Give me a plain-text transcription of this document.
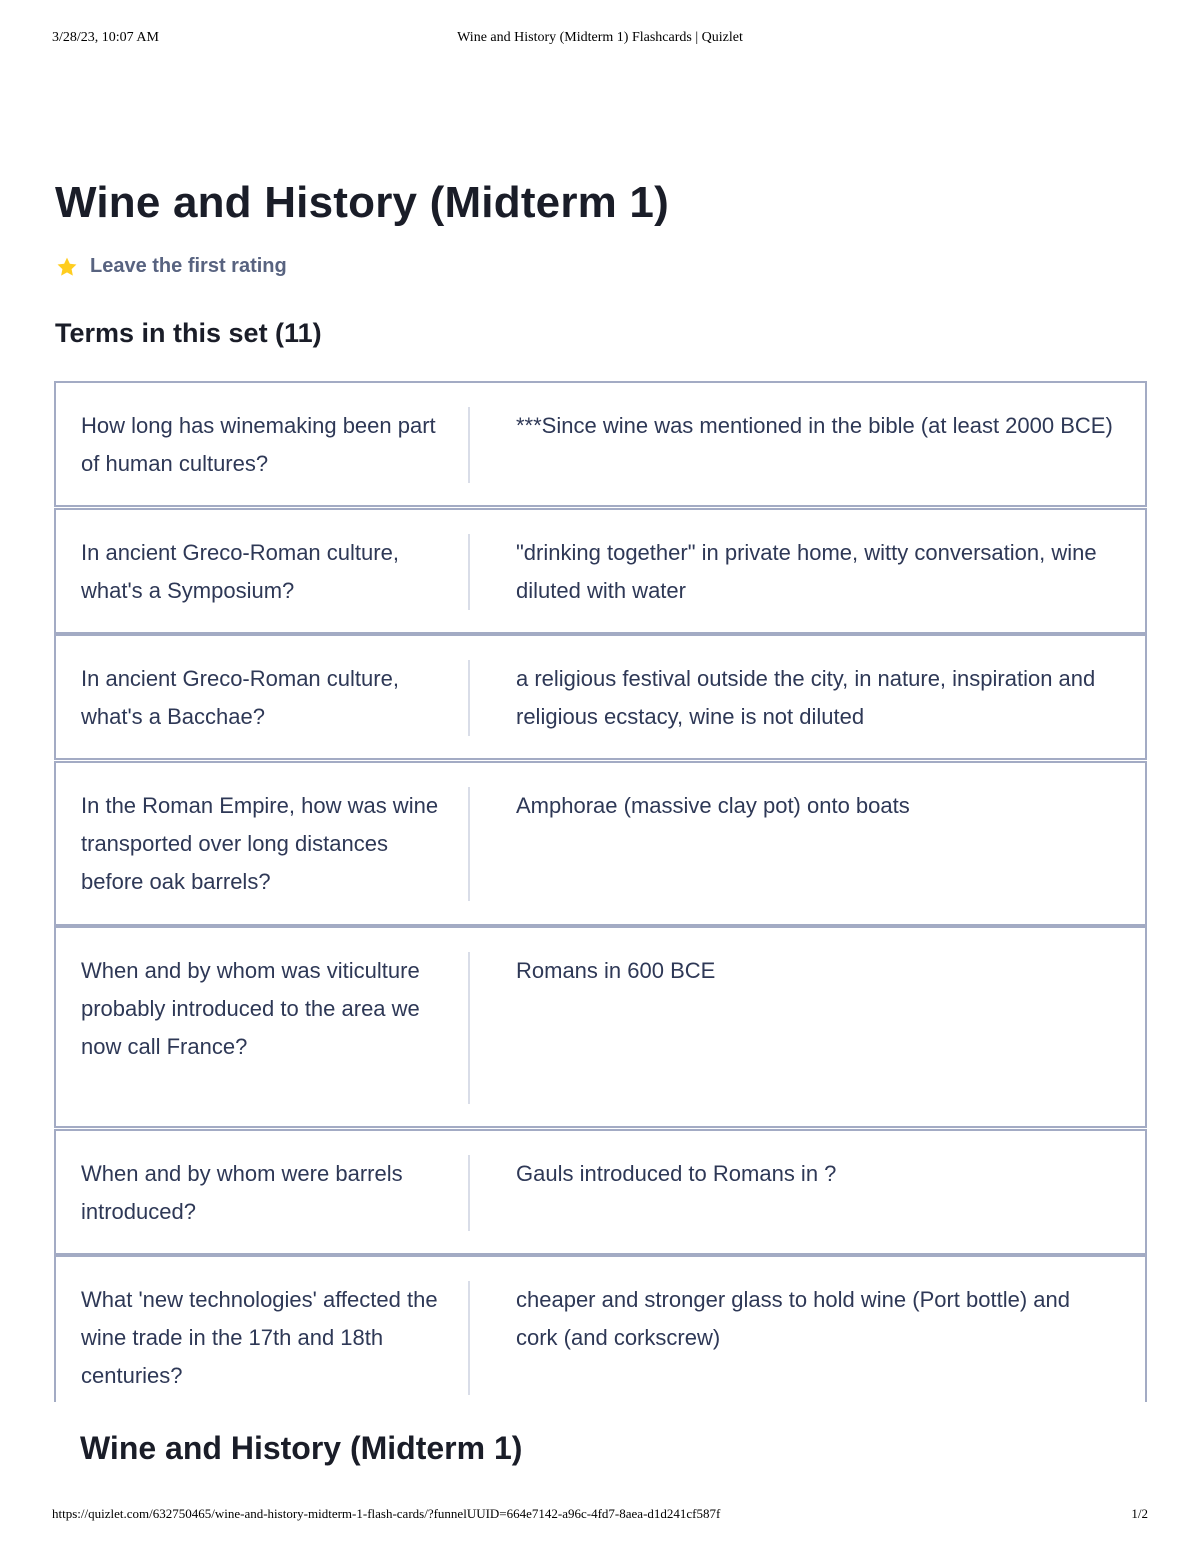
3/28/23, 10:07 AM	Wine and History (Midterm 1) Flashcards | Quizlet
Wine and History (Midterm 1)
Leave the first rating
Terms in this set (11)
How long has winemaking been part of human cultures?
***Since wine was mentioned in the bible (at least 2000 BCE)
In ancient Greco-Roman culture, what's a Symposium?
"drinking together" in private home, witty conversation, wine diluted with water
In ancient Greco-Roman culture, what's a Bacchae?
a religious festival outside the city, in nature, inspiration and religious ecstacy, wine is not diluted
In the Roman Empire, how was wine transported over long distances before oak barrels?
Amphorae (massive clay pot) onto boats
When and by whom was viticulture probably introduced to the area we now call France?
Romans in 600 BCE
When and by whom were barrels introduced?
Gauls introduced to Romans in ?
What 'new technologies' affected the wine trade in the 17th and 18th centuries?
cheaper and stronger glass to hold wine (Port bottle) and cork (and corkscrew)
Wine and History (Midterm 1)
https://quizlet.com/632750465/wine-and-history-midterm-1-flash-cards/?funnelUUID=664e7142-a96c-4fd7-8aea-d1d241cf587f	1/2
